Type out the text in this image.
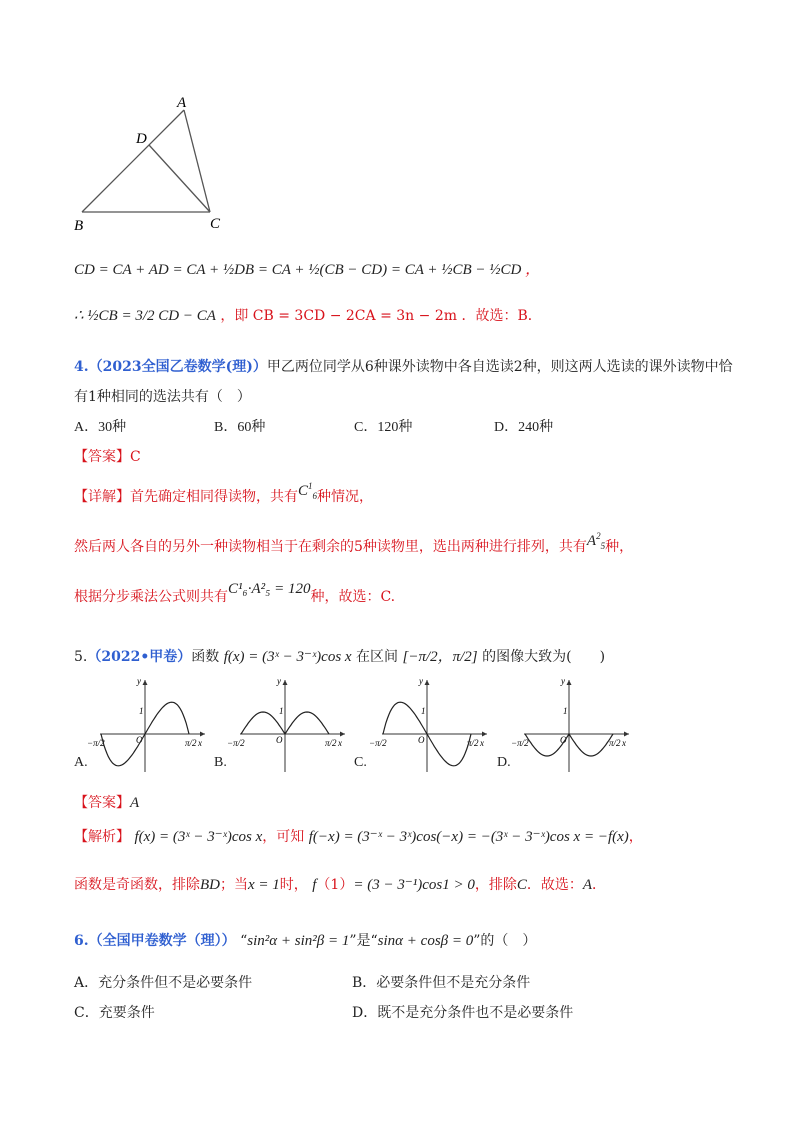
A
D
B	C
CD = CA + AD = CA + ½DB = CA + ½(CB − CD) = CA + ½CB − ½CD ，
∴ ½CB = 3/2 CD − CA ，即 CB = 3CD − 2CA = 3n − 2m ．故选：B．
4.（2023全国乙卷数学(理)）甲乙两位同学从6种课外读物中各自选读2种，则这两人选读的课外读物中恰
有1种相同的选法共有（　）
A．30种	B．60种	C．120种	D．240种
【答案】C
【详解】首先确定相同得读物，共有$C^1_6$种情况，
然后两人各自的另外一种读物相当于在剩余的5种读物里，选出两种进行排列，共有$A^2_5$种，
根据分步乘法公式则共有C¹₆·A²₅ = 120种，故选：C.
5.（2022•甲卷）函数 f(x) = (3ˣ − 3⁻ˣ)cos x 在区间 [−π/2，π/2] 的图像大致为(　　)
y
x
O
1
−π/2	π/2
y
x
O
1
−π/2	π/2
y
x
O
1
−π/2	π/2
y
x
O
1
−π/2	π/2
A.	B.	C.	D.
【答案】A
【解析】 f(x) = (3ˣ − 3⁻ˣ)cos x，可知 f(−x) = (3⁻ˣ − 3ˣ)cos(−x) = −(3ˣ − 3⁻ˣ)cos x = −f(x)，
函数是奇函数，排除BD；当x = 1时， f（1）= (3 − 3⁻¹)cos1 > 0，排除C．故选：A．
6.（全国甲卷数学（理）） “sin²α + sin²β = 1”是“sinα + cosβ = 0”的（　）
A．充分条件但不是必要条件	B．必要条件但不是充分条件
C．充要条件	D．既不是充分条件也不是必要条件
